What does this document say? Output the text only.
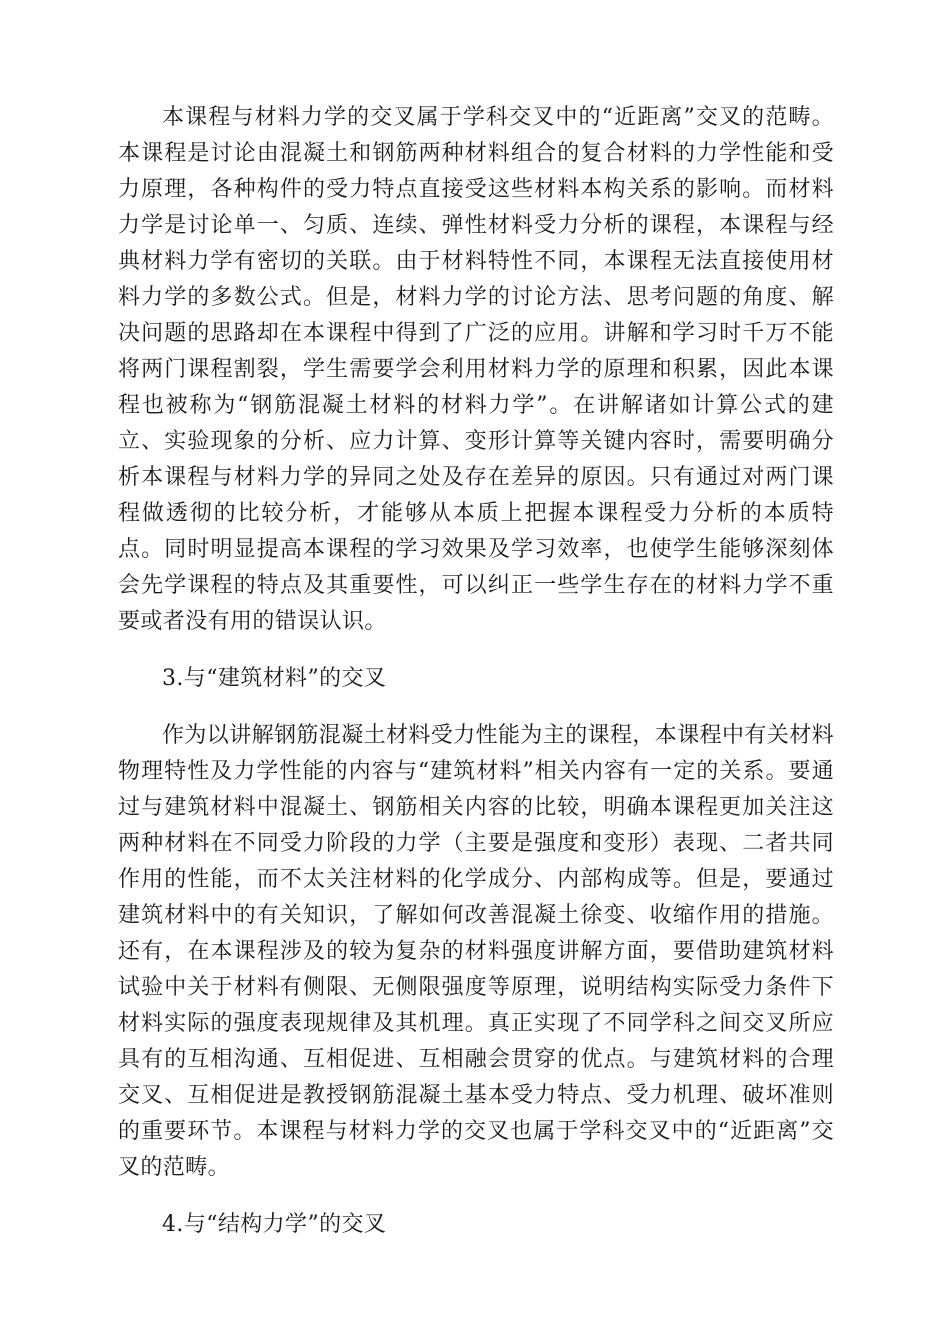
本课程与材料力学的交叉属于学科交叉中的“近距离”交叉的范畴。本课程是讨论由混凝土和钢筋两种材料组合的复合材料的力学性能和受力原理，各种构件的受力特点直接受这些材料本构关系的影响。而材料力学是讨论单一、匀质、连续、弹性材料受力分析的课程，本课程与经典材料力学有密切的关联。由于材料特性不同，本课程无法直接使用材料力学的多数公式。但是，材料力学的讨论方法、思考问题的角度、解决问题的思路却在本课程中得到了广泛的应用。讲解和学习时千万不能将两门课程割裂，学生需要学会利用材料力学的原理和积累，因此本课程也被称为“钢筋混凝土材料的材料力学”。在讲解诸如计算公式的建立、实验现象的分析、应力计算、变形计算等关键内容时，需要明确分析本课程与材料力学的异同之处及存在差异的原因。只有通过对两门课程做透彻的比较分析，才能够从本质上把握本课程受力分析的本质特点。同时明显提高本课程的学习效果及学习效率，也使学生能够深刻体会先学课程的特点及其重要性，可以纠正一些学生存在的材料力学不重要或者没有用的错误认识。

3.与“建筑材料”的交叉

作为以讲解钢筋混凝土材料受力性能为主的课程，本课程中有关材料物理特性及力学性能的内容与“建筑材料”相关内容有一定的关系。要通过与建筑材料中混凝土、钢筋相关内容的比较，明确本课程更加关注这两种材料在不同受力阶段的力学（主要是强度和变形）表现、二者共同作用的性能，而不太关注材料的化学成分、内部构成等。但是，要通过建筑材料中的有关知识，了解如何改善混凝土徐变、收缩作用的措施。还有，在本课程涉及的较为复杂的材料强度讲解方面，要借助建筑材料试验中关于材料有侧限、无侧限强度等原理，说明结构实际受力条件下材料实际的强度表现规律及其机理。真正实现了不同学科之间交叉所应具有的互相沟通、互相促进、互相融会贯穿的优点。与建筑材料的合理交叉、互相促进是教授钢筋混凝土基本受力特点、受力机理、破坏准则的重要环节。本课程与材料力学的交叉也属于学科交叉中的“近距离”交叉的范畴。

4.与“结构力学”的交叉
